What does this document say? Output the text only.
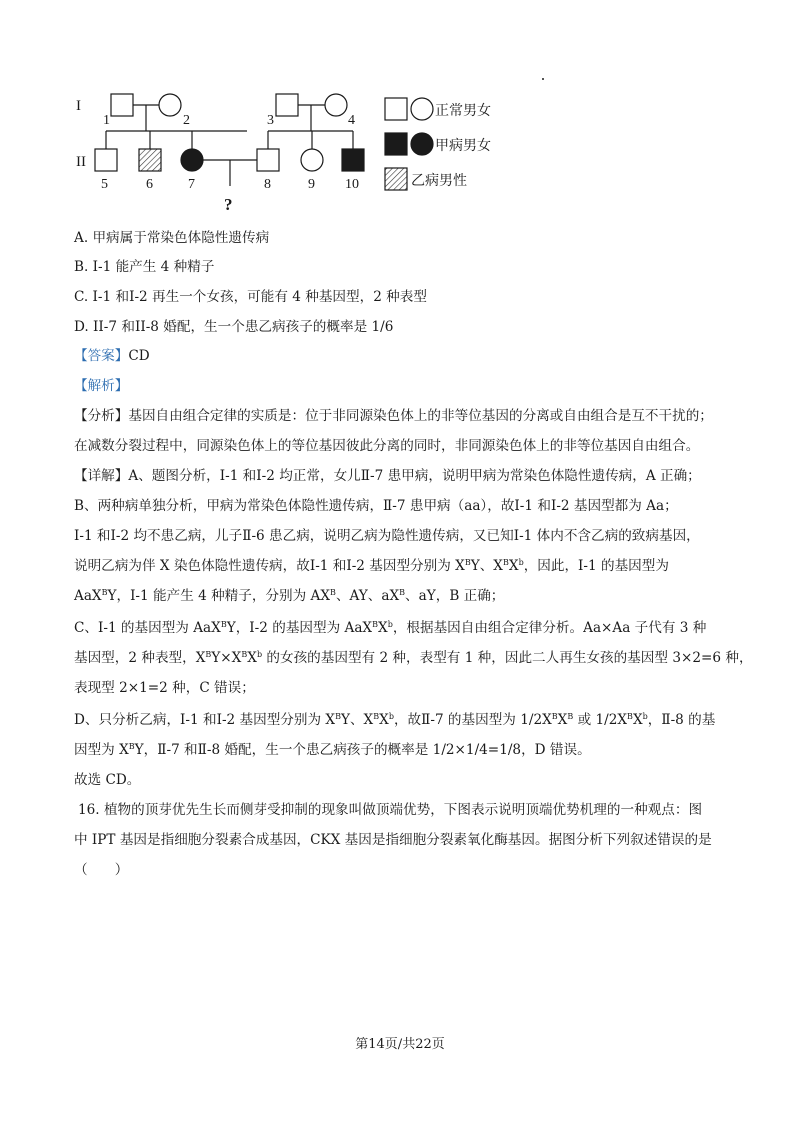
I
II
1	2	3	4
5	6	7	8	9 10
?
正常男女
甲病男女
乙病男性
A. 甲病属于常染色体隐性遗传病
B. I-1 能产生 4 种精子
C. I-1 和I-2 再生一个女孩，可能有 4 种基因型，2 种表型
D. II-7 和II-8 婚配，生一个患乙病孩子的概率是 1/6
【答案】CD
【解析】
【分析】基因自由组合定律的实质是：位于非同源染色体上的非等位基因的分离或自由组合是互不干扰的；
在减数分裂过程中，同源染色体上的等位基因彼此分离的同时，非同源染色体上的非等位基因自由组合。
【详解】A、题图分析，Ⅰ-1 和Ⅰ-2 均正常，女儿Ⅱ-7 患甲病，说明甲病为常染色体隐性遗传病，A 正确；
B、两种病单独分析，甲病为常染色体隐性遗传病，Ⅱ-7 患甲病（aa），故Ⅰ-1 和Ⅰ-2 基因型都为 Aa；
Ⅰ-1 和Ⅰ-2 均不患乙病，儿子Ⅱ-6 患乙病，说明乙病为隐性遗传病，又已知Ⅰ-1 体内不含乙病的致病基因，
说明乙病为伴 X 染色体隐性遗传病，故Ⅰ-1 和Ⅰ-2 基因型分别为 $X^BY$、$X^BX^b$，因此，Ⅰ-1 的基因型为
AaX$^B$Y，Ⅰ-1 能产生 4 种精子，分别为 $AX^B$、AY、$aX^B$、aY，B 正确；
C、Ⅰ-1 的基因型为 AaX$^B$Y，Ⅰ-2 的基因型为 $AaX^BX^b$，根据基因自由组合定律分析。Aa×Aa 子代有 3 种
基因型，2 种表型，$X^BY\times X^BX^b$ 的女孩的基因型有 2 种，表型有 1 种，因此二人再生女孩的基因型 3×2=6 种，
表现型 2×1=2 种，C 错误；
D、只分析乙病，Ⅰ-1 和Ⅰ-2 基因型分别为 $X^BY$、$X^BX^b$，故Ⅱ-7 的基因型为 $1/2X^BX^B$ 或 $1/2X^BX^b$，Ⅱ-8 的基
因型为 $X^BY$，Ⅱ-7 和Ⅱ-8 婚配，生一个患乙病孩子的概率是 1/2×1/4=1/8，D 错误。
故选 CD。
16. 植物的顶芽优先生长而侧芽受抑制的现象叫做顶端优势，下图表示说明顶端优势机理的一种观点：图
中 IPT 基因是指细胞分裂素合成基因，CKX 基因是指细胞分裂素氧化酶基因。据图分析下列叙述错误的是
（　　）
第14页/共22页
